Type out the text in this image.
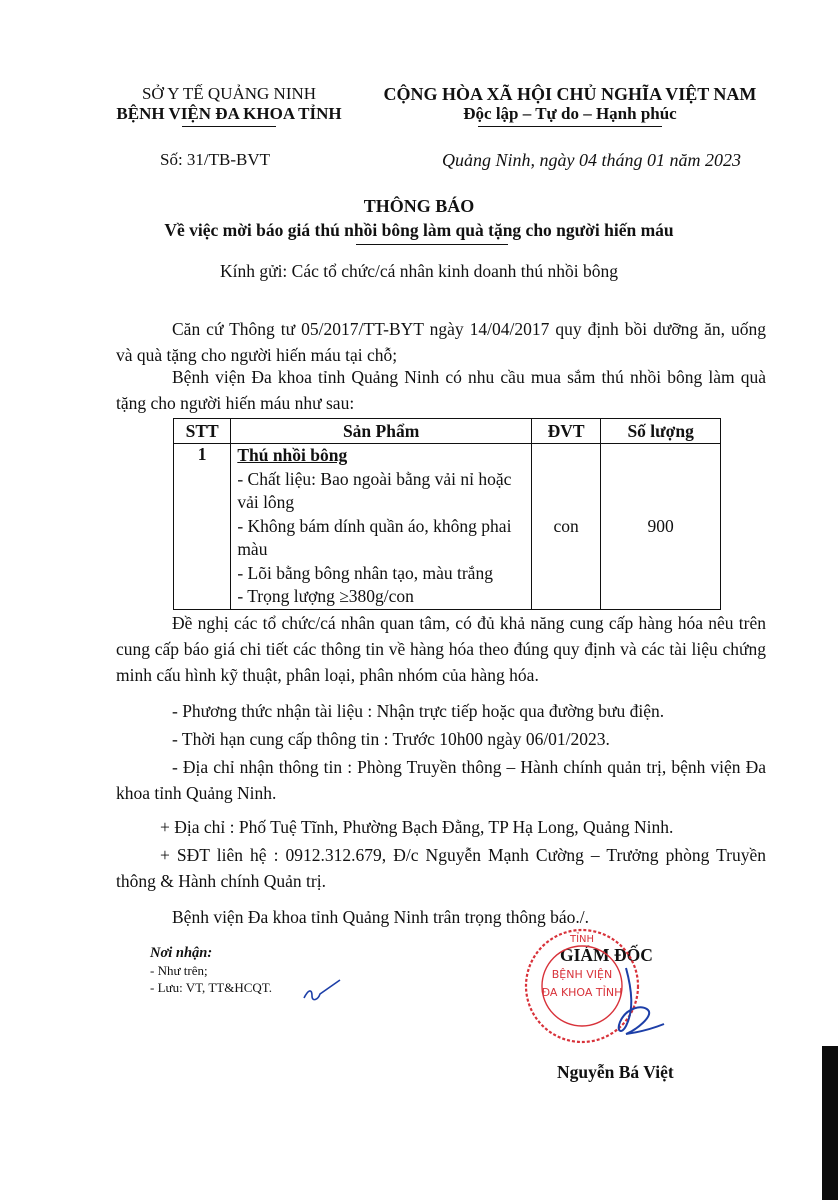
SỞ Y TẾ QUẢNG NINH
BỆNH VIỆN ĐA KHOA TỈNH
CỘNG HÒA XÃ HỘI CHỦ NGHĨA VIỆT NAM
Độc lập – Tự do – Hạnh phúc
Số: 31/TB-BVT	Quảng Ninh, ngày 04 tháng 01 năm 2023
THÔNG BÁO
Về việc mời báo giá thú nhồi bông làm quà tặng cho người hiến máu
Kính gửi: Các tổ chức/cá nhân kinh doanh thú nhồi bông
Căn cứ Thông tư 05/2017/TT-BYT ngày 14/04/2017 quy định bồi dưỡng ăn, uống và quà tặng cho người hiến máu tại chỗ;
Bệnh viện Đa khoa tỉnh Quảng Ninh có nhu cầu mua sắm thú nhồi bông làm quà tặng cho người hiến máu như sau:
STT	Sản Phẩm	ĐVT	Số lượng
1	Thú nhồi bông
- Chất liệu: Bao ngoài bằng vải nỉ hoặc vải lông
- Không bám dính quần áo, không phai màu
- Lõi bằng bông nhân tạo, màu trắng
- Trọng lượng ≥380g/con	con	900
Đề nghị các tổ chức/cá nhân quan tâm, có đủ khả năng cung cấp hàng hóa nêu trên cung cấp báo giá chi tiết các thông tin về hàng hóa theo đúng quy định và các tài liệu chứng minh cấu hình kỹ thuật, phân loại, phân nhóm của hàng hóa.
- Phương thức nhận tài liệu : Nhận trực tiếp hoặc qua đường bưu điện.
- Thời hạn cung cấp thông tin : Trước 10h00 ngày 06/01/2023.
- Địa chỉ nhận thông tin : Phòng Truyền thông – Hành chính quản trị, bệnh viện Đa khoa tỉnh Quảng Ninh.
+ Địa chỉ : Phố Tuệ Tĩnh, Phường Bạch Đằng, TP Hạ Long, Quảng Ninh.
+ SĐT liên hệ : 0912.312.679, Đ/c Nguyễn Mạnh Cường – Trưởng phòng Truyền thông & Hành chính Quản trị.
Bệnh viện Đa khoa tỉnh Quảng Ninh trân trọng thông báo./.
Nơi nhận:
- Như trên;
- Lưu: VT, TT&HCQT.
GIÁM ĐỐC
TỈNH
BỆNH VIỆN
ĐA KHOA TỈNH
Nguyễn Bá Việt
